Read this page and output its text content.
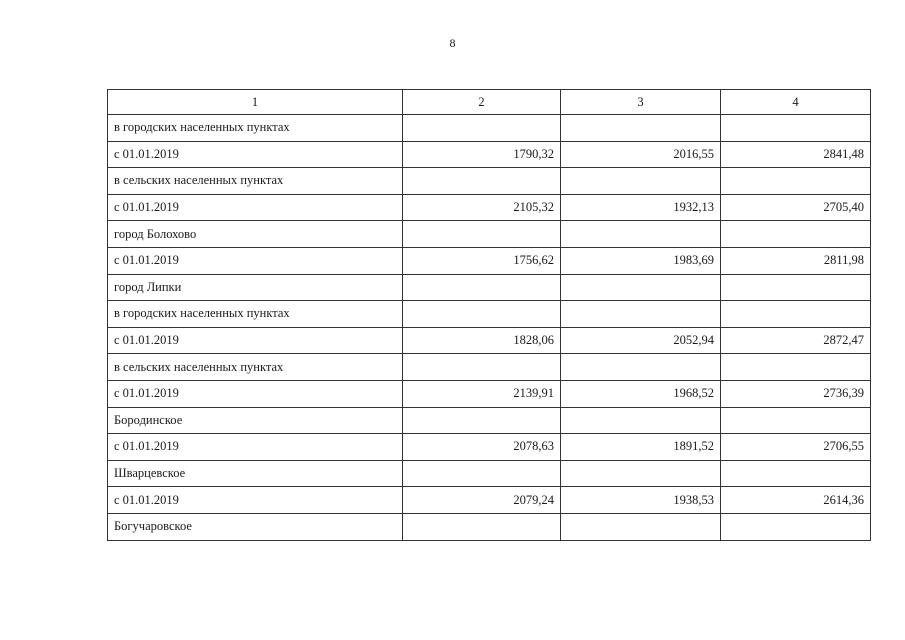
8
1	2	3	4
в городских населенных пунктах			
с 01.01.2019	1790,32	2016,55	2841,48
в сельских населенных пунктах			
с 01.01.2019	2105,32	1932,13	2705,40
город Болохово			
с 01.01.2019	1756,62	1983,69	2811,98
город Липки			
в городских населенных пунктах			
с 01.01.2019	1828,06	2052,94	2872,47
в сельских населенных пунктах			
с 01.01.2019	2139,91	1968,52	2736,39
Бородинское			
с 01.01.2019	2078,63	1891,52	2706,55
Шварцевское			
с 01.01.2019	2079,24	1938,53	2614,36
Богучаровское			
